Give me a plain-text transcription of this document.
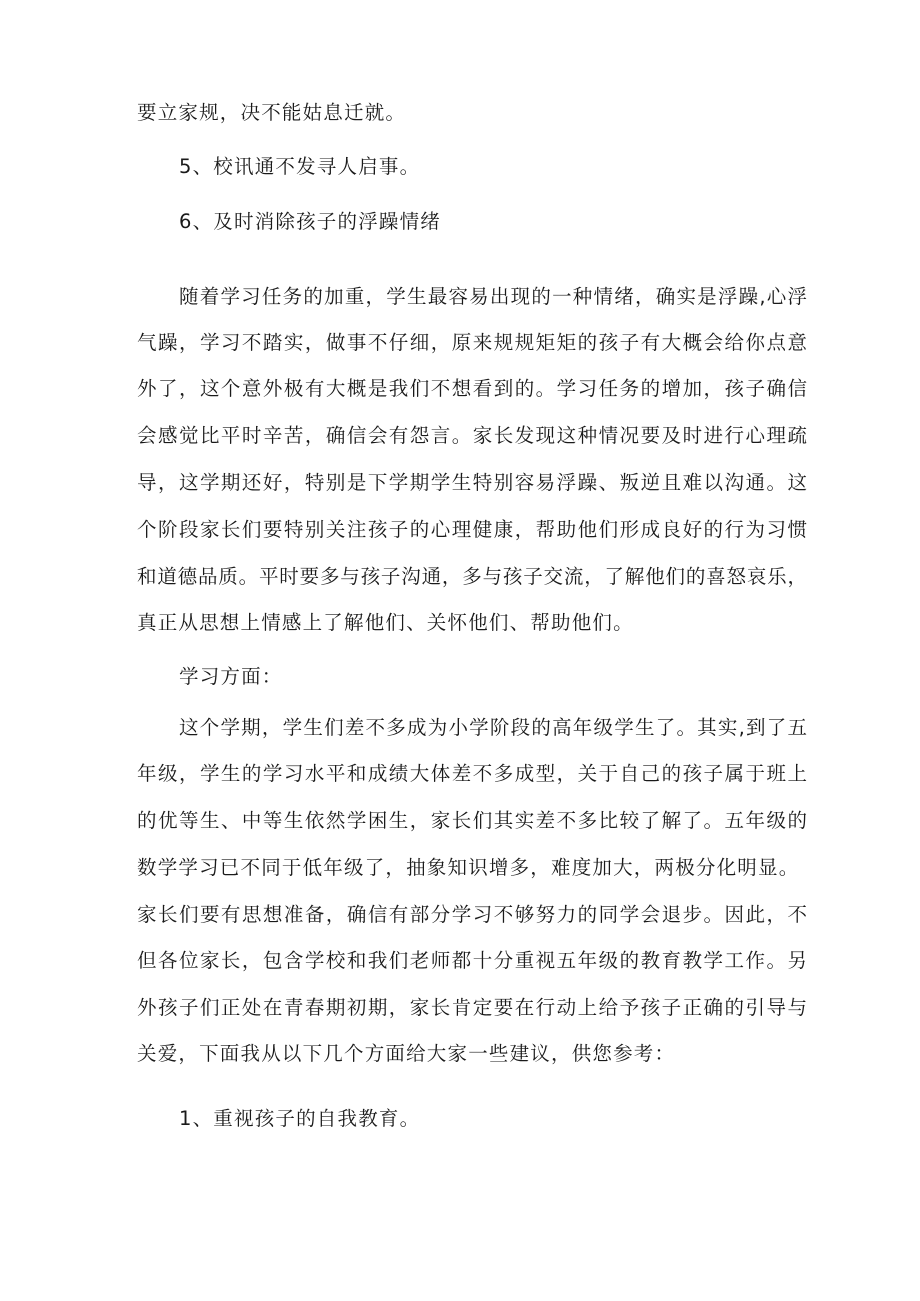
要立家规，决不能姑息迁就。
5、校讯通不发寻人启事。
6、及时消除孩子的浮躁情绪
随着学习任务的加重，学生最容易出现的一种情绪，确实是浮躁,心浮
气躁，学习不踏实，做事不仔细，原来规规矩矩的孩子有大概会给你点意
外了，这个意外极有大概是我们不想看到的。学习任务的增加，孩子确信
会感觉比平时辛苦，确信会有怨言。家长发现这种情况要及时进行心理疏
导，这学期还好，特别是下学期学生特别容易浮躁、叛逆且难以沟通。这
个阶段家长们要特别关注孩子的心理健康，帮助他们形成良好的行为习惯
和道德品质。平时要多与孩子沟通，多与孩子交流，了解他们的喜怒哀乐，
真正从思想上情感上了解他们、关怀他们、帮助他们。
学习方面：
这个学期，学生们差不多成为小学阶段的高年级学生了。其实,到了五
年级，学生的学习水平和成绩大体差不多成型，关于自己的孩子属于班上
的优等生、中等生依然学困生，家长们其实差不多比较了解了。五年级的
数学学习已不同于低年级了，抽象知识增多，难度加大，两极分化明显。
家长们要有思想准备，确信有部分学习不够努力的同学会退步。因此，不
但各位家长，包含学校和我们老师都十分重视五年级的教育教学工作。另
外孩子们正处在青春期初期，家长肯定要在行动上给予孩子正确的引导与
关爱，下面我从以下几个方面给大家一些建议，供您参考：
1、重视孩子的自我教育。
